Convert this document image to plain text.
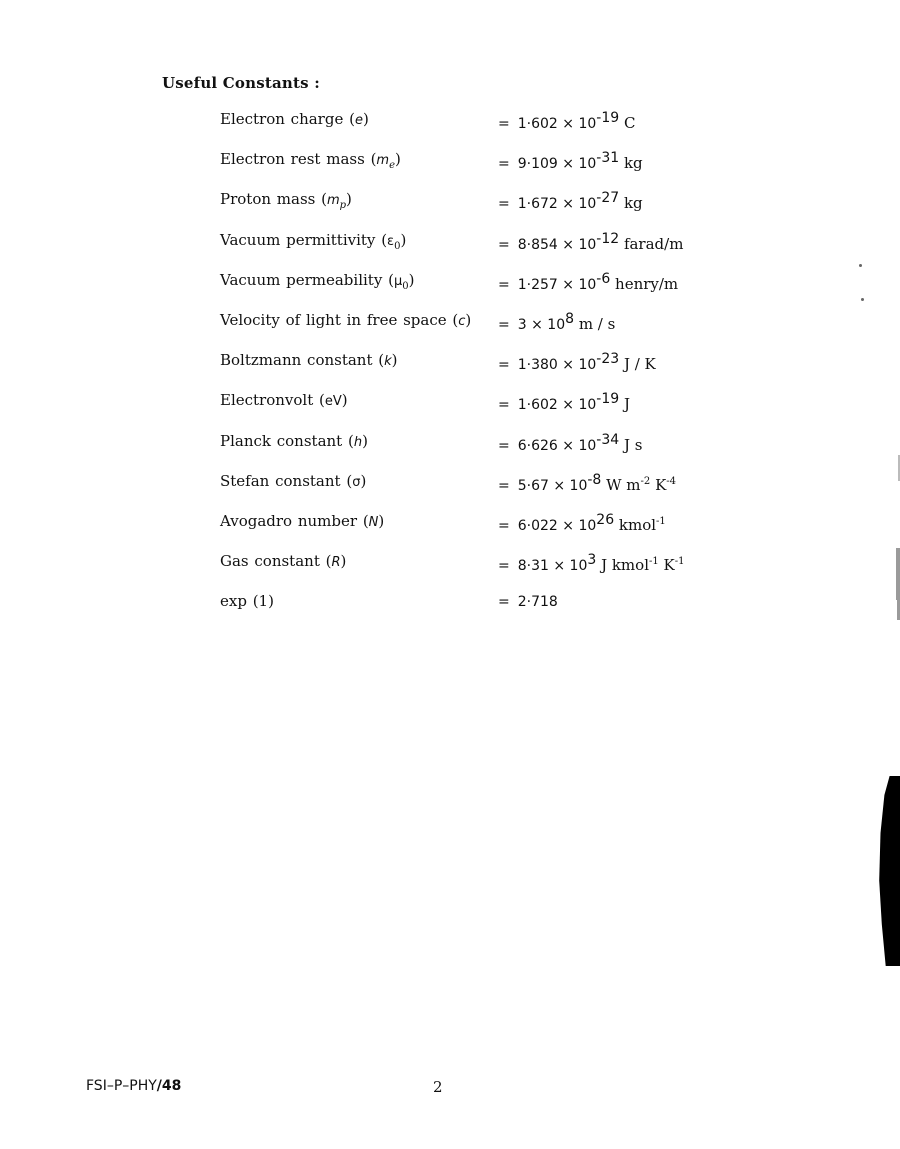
Useful Constants :
Electron charge (e)	= $1\cdot 602 \times 10^{-19}$ C
Electron rest mass $(m_e)$	= $9\cdot 109 \times 10^{-31}$ kg
Proton mass $(m_p)$	= $1\cdot 672 \times 10^{-27}$ kg
Vacuum permittivity $(\varepsilon_0)$	= $8\cdot 854 \times 10^{-12}$ farad/m
Vacuum permeability $(\mu_0)$	= $1\cdot 257 \times 10^{-6}$ henry/m
Velocity of light in free space $(c) = 3 \times 10^8$ m / s
Boltzmann constant (k)	= $1\cdot 380 \times 10^{-23}$ J / K
Electronvolt (eV)	= $1\cdot 602 \times 10^{-19}$ J
Planck constant (h)	= $6\cdot 626 \times 10^{-34}$ J s
Stefan constant (σ)	= $5\cdot 67 \times 10^{-8}$ W $m^{-2}$ $K^{-4}$
Avogadro number (N)	= $6\cdot 022 \times 10^{26}$ kmol$^{-1}$
Gas constant (R)	= $8\cdot 31 \times 10^3$ J kmol$^{-1}$ $K^{-1}$
exp (1)	= 2·718
FSI–P–PHY/48	2
